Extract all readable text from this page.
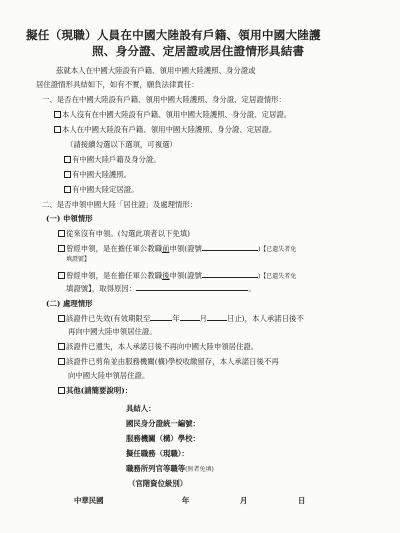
擬任（現職）人員在中國大陸設有戶籍、領用中國大陸護
照、身分證、定居證或居住證情形具結書
茲就本人在中國大陸設有戶籍、領用中國大陸護照、身分證或
居住證情形具結如下，如有不實，願負法律責任：
一、是否在中國大陸設有戶籍、領用中國大陸護照、身分證、定居證情形：
本人沒有在中國大陸設有戶籍、領用中國大陸護照、身分證、定居證。
本人在中國大陸設有戶籍、領用中國大陸護照、身分證、定居證。
（請接續勾選以下選項，可複選）
有中國大陸戶籍及身分證。
有中國大陸護照。
有中國大陸定居證。
二、是否申領中國大陸「居住證」及處理情形：
(一) 申領情形
從來沒有申領。(勾選此項者以下免填)
曾經申領，是在擔任軍公教職前申領(證號	)【已遺失者免
填證號】
曾經申領，是在擔任軍公教職後申領(證號	)【已遺失者免
填證號】，取得原因：	。
(二) 處理情形
該證件已失效(有效期限至	年	月	日止)，本人承諾日後不
再向中國大陸申領居住證。
該證件已遺失，本人承諾日後不再向中國大陸申領居住證。
該證件已剪角並由服務機關(構)學校收繳留存，本人承諾日後不再
向中國大陸申領居住證。
其他(請簡要說明)：
具結人：
國民身分證統一編號：
服務機關（構）學校：
擬任職務（現職）：
職務所列官等職等(無者免填)
（官階資位級別）
中華民國	年	月	日
